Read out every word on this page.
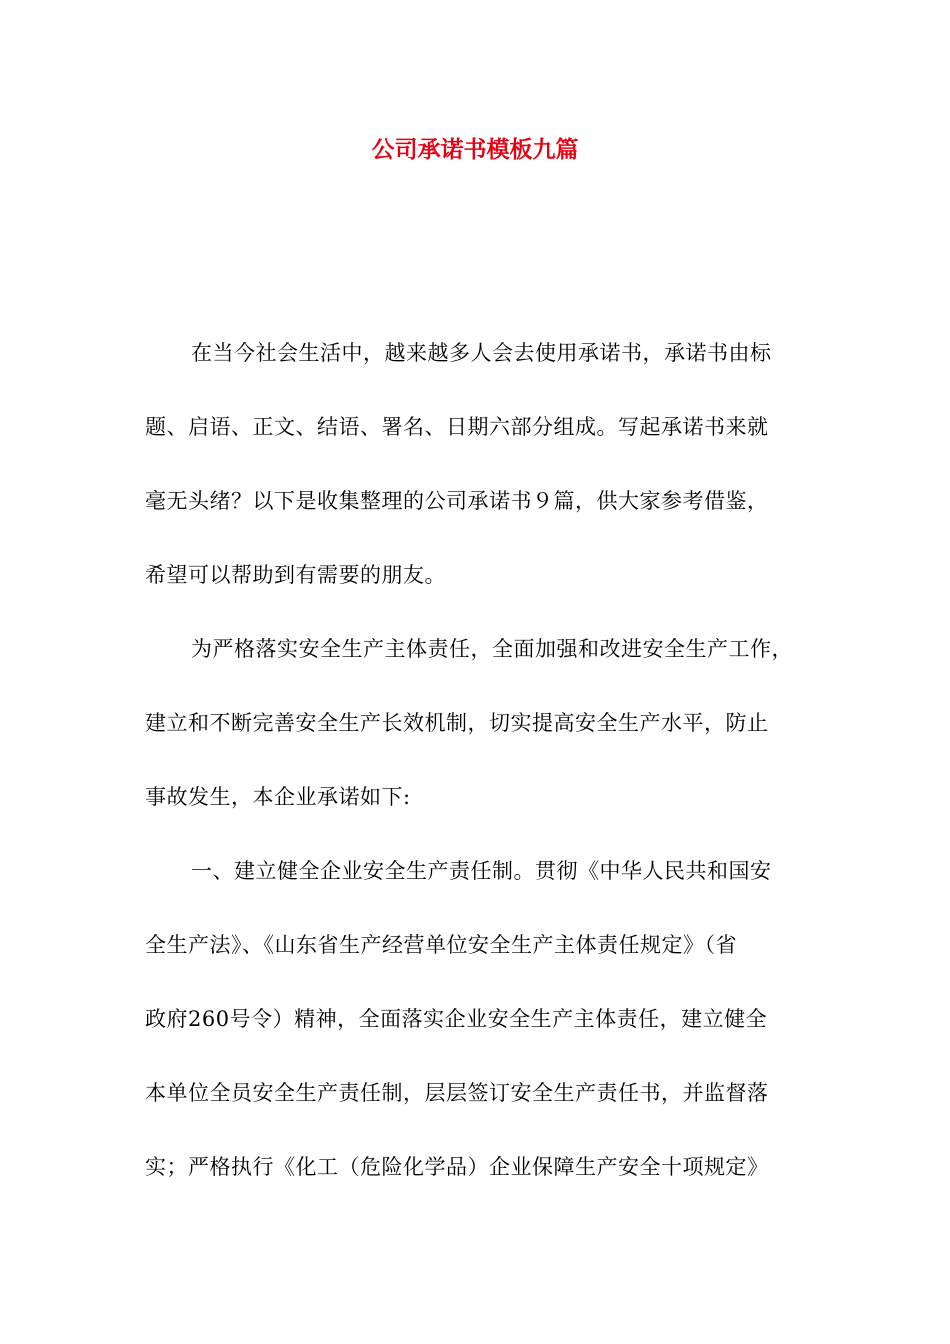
公司承诺书模板九篇

在当今社会生活中，越来越多人会去使用承诺书，承诺书由标
题、启语、正文、结语、署名、日期六部分组成。写起承诺书来就
毫无头绪？以下是收集整理的公司承诺书９篇，供大家参考借鉴，
希望可以帮助到有需要的朋友。

为严格落实安全生产主体责任，全面加强和改进安全生产工作，
建立和不断完善安全生产长效机制，切实提高安全生产水平，防止
事故发生，本企业承诺如下:

一、建立健全企业安全生产责任制。贯彻《中华人民共和国安
全生产法》、《山东省生产经营单位安全生产主体责任规定》（省
政府260号令）精神，全面落实企业安全生产主体责任，建立健全
本单位全员安全生产责任制，层层签订安全生产责任书，并监督落
实；严格执行《化工（危险化学品）企业保障生产安全十项规定》
